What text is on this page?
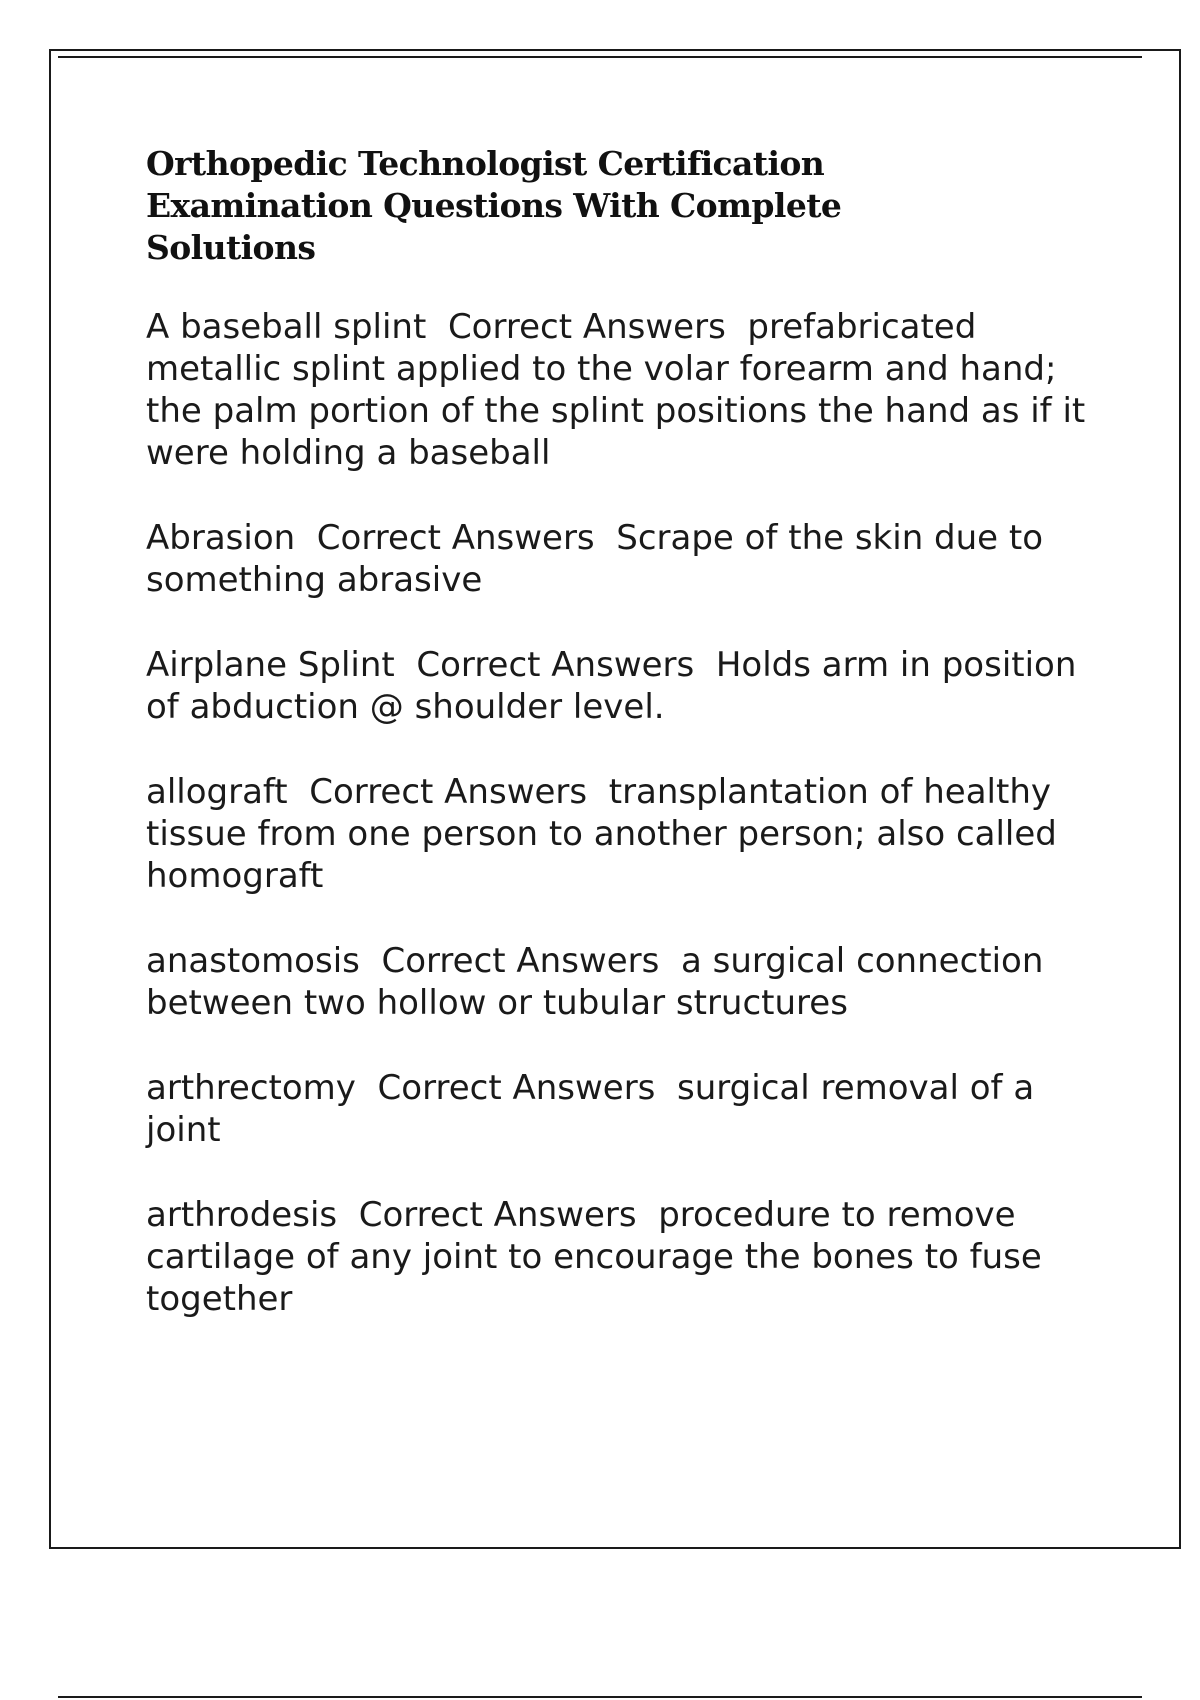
Orthopedic Technologist Certification Examination Questions With Complete Solutions

A baseball splint Correct Answers prefabricated metallic splint applied to the volar forearm and hand; the palm portion of the splint positions the hand as if it were holding a baseball

Abrasion Correct Answers Scrape of the skin due to something abrasive

Airplane Splint Correct Answers Holds arm in position of abduction @ shoulder level.

allograft Correct Answers transplantation of healthy tissue from one person to another person; also called homograft

anastomosis Correct Answers a surgical connection between two hollow or tubular structures

arthrectomy Correct Answers surgical removal of a joint

arthrodesis Correct Answers procedure to remove cartilage of any joint to encourage the bones to fuse together
